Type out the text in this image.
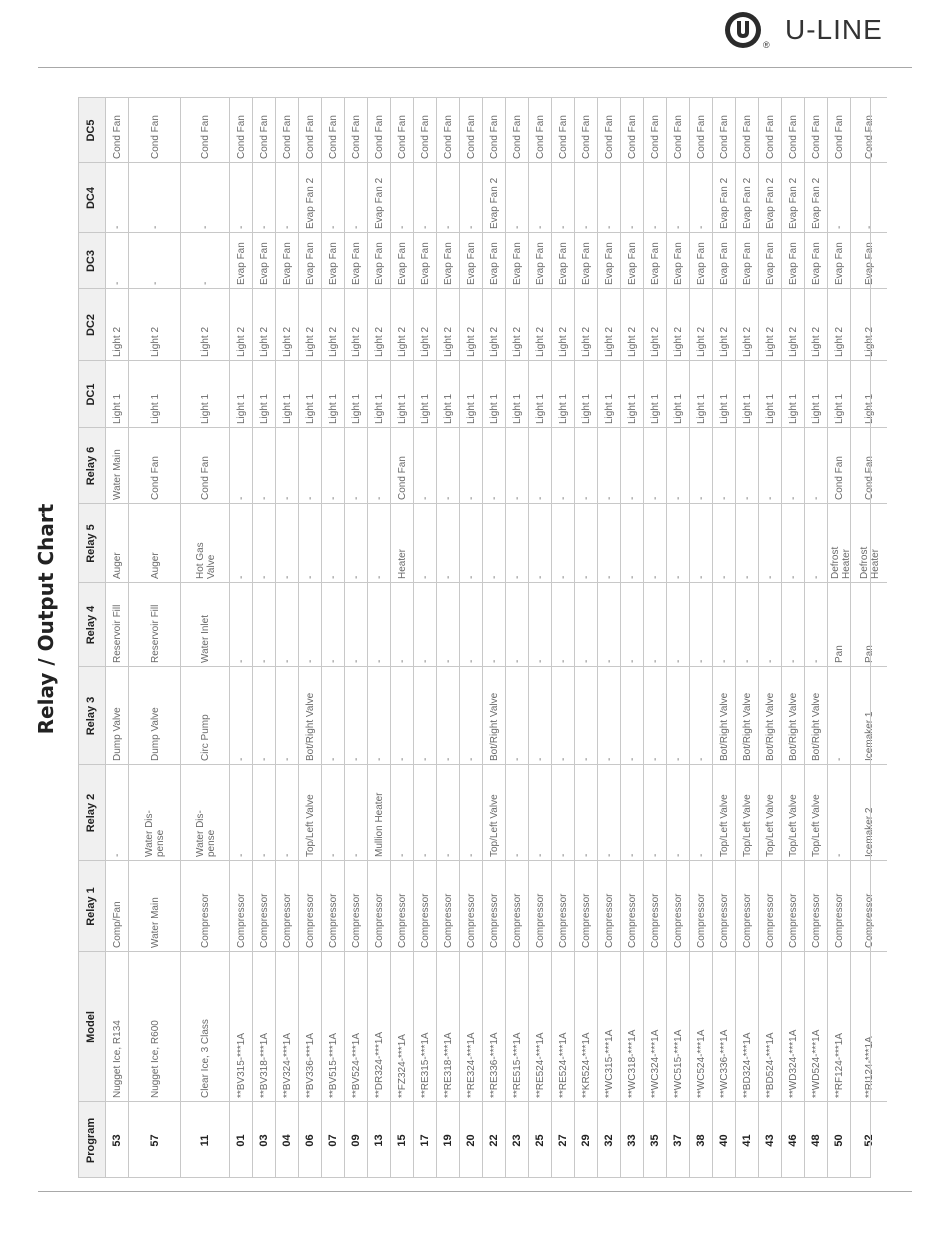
® U-LINE
Relay / Output Chart
Program
Model
Relay 1
Relay 2
Relay 3
Relay 4
Relay 5
Relay 6
DC1
DC2
DC3
DC4
DC5
53
Nugget Ice, R134
Comp/Fan
-
Dump Valve
Reservoir Fill
Auger
Water Main
Light 1
Light 2
-
-
Cond Fan
57
Nugget Ice, R600
Water Main
Water Dis-
pense
Dump Valve
Reservoir Fill
Auger
Cond Fan
Light 1
Light 2
-
-
Cond Fan
11
Clear Ice, 3 Class
Compressor
Water Dis-
pense
Circ Pump
Water Inlet
Hot Gas
Valve
Cond Fan
Light 1
Light 2
-
-
Cond Fan
01
**BV315-***1A
Compressor
-
-
-
-
-
Light 1
Light 2
Evap Fan
-
Cond Fan
03
**BV318-***1A
Compressor
-
-
-
-
-
Light 1
Light 2
Evap Fan
-
Cond Fan
04
**BV324-***1A
Compressor
-
-
-
-
-
Light 1
Light 2
Evap Fan
-
Cond Fan
06
**BV336-***1A
Compressor
Top/Left Valve
Bot/Right Valve
-
-
-
Light 1
Light 2
Evap Fan
Evap Fan 2
Cond Fan
07
**BV515-***1A
Compressor
-
-
-
-
-
Light 1
Light 2
Evap Fan
-
Cond Fan
09
**BV524-***1A
Compressor
-
-
-
-
-
Light 1
Light 2
Evap Fan
-
Cond Fan
13
**DR324-***1A
Compressor
Mullion Heater
-
-
-
-
Light 1
Light 2
Evap Fan
Evap Fan 2
Cond Fan
15
**FZ324-***1A
Compressor
-
-
-
Heater
Cond Fan
Light 1
Light 2
Evap Fan
-
Cond Fan
17
**RE315-***1A
Compressor
-
-
-
-
-
Light 1
Light 2
Evap Fan
-
Cond Fan
19
**RE318-***1A
Compressor
-
-
-
-
-
Light 1
Light 2
Evap Fan
-
Cond Fan
20
**RE324-***1A
Compressor
-
-
-
-
-
Light 1
Light 2
Evap Fan
-
Cond Fan
22
**RE336-***1A
Compressor
Top/Left Valve
Bot/Right Valve
-
-
-
Light 1
Light 2
Evap Fan
Evap Fan 2
Cond Fan
23
**RE515-***1A
Compressor
-
-
-
-
-
Light 1
Light 2
Evap Fan
-
Cond Fan
25
**RE524-***1A
Compressor
-
-
-
-
-
Light 1
Light 2
Evap Fan
-
Cond Fan
27
**RE524-***1A
Compressor
-
-
-
-
-
Light 1
Light 2
Evap Fan
-
Cond Fan
29
**KR524-***1A
Compressor
-
-
-
-
-
Light 1
Light 2
Evap Fan
-
Cond Fan
32
**WC315-***1A
Compressor
-
-
-
-
-
Light 1
Light 2
Evap Fan
-
Cond Fan
33
**WC318-***1A
Compressor
-
-
-
-
-
Light 1
Light 2
Evap Fan
-
Cond Fan
35
**WC324-***1A
Compressor
-
-
-
-
-
Light 1
Light 2
Evap Fan
-
Cond Fan
37
**WC515-***1A
Compressor
-
-
-
-
-
Light 1
Light 2
Evap Fan
-
Cond Fan
38
**WC524-***1A
Compressor
-
-
-
-
-
Light 1
Light 2
Evap Fan
-
Cond Fan
40
**WC336-***1A
Compressor
Top/Left Valve
Bot/Right Valve
-
-
-
Light 1
Light 2
Evap Fan
Evap Fan 2
Cond Fan
41
**BD324-***1A
Compressor
Top/Left Valve
Bot/Right Valve
-
-
-
Light 1
Light 2
Evap Fan
Evap Fan 2
Cond Fan
43
**BD524-***1A
Compressor
Top/Left Valve
Bot/Right Valve
-
-
-
Light 1
Light 2
Evap Fan
Evap Fan 2
Cond Fan
46
**WD324-***1A
Compressor
Top/Left Valve
Bot/Right Valve
-
-
-
Light 1
Light 2
Evap Fan
Evap Fan 2
Cond Fan
48
**WD524-***1A
Compressor
Top/Left Valve
Bot/Right Valve
-
-
-
Light 1
Light 2
Evap Fan
Evap Fan 2
Cond Fan
50
**RF124-***1A
Compressor
-
-
Pan
Defrost
Heater
Cond Fan
Light 1
Light 2
Evap Fan
-
Cond Fan
52
**RI124-***1A
Compressor
Icemaker 2
Icemaker 1
Pan
Defrost
Heater
Cond Fan
Light 1
Light 2
Evap Fan
-
Cond Fan
